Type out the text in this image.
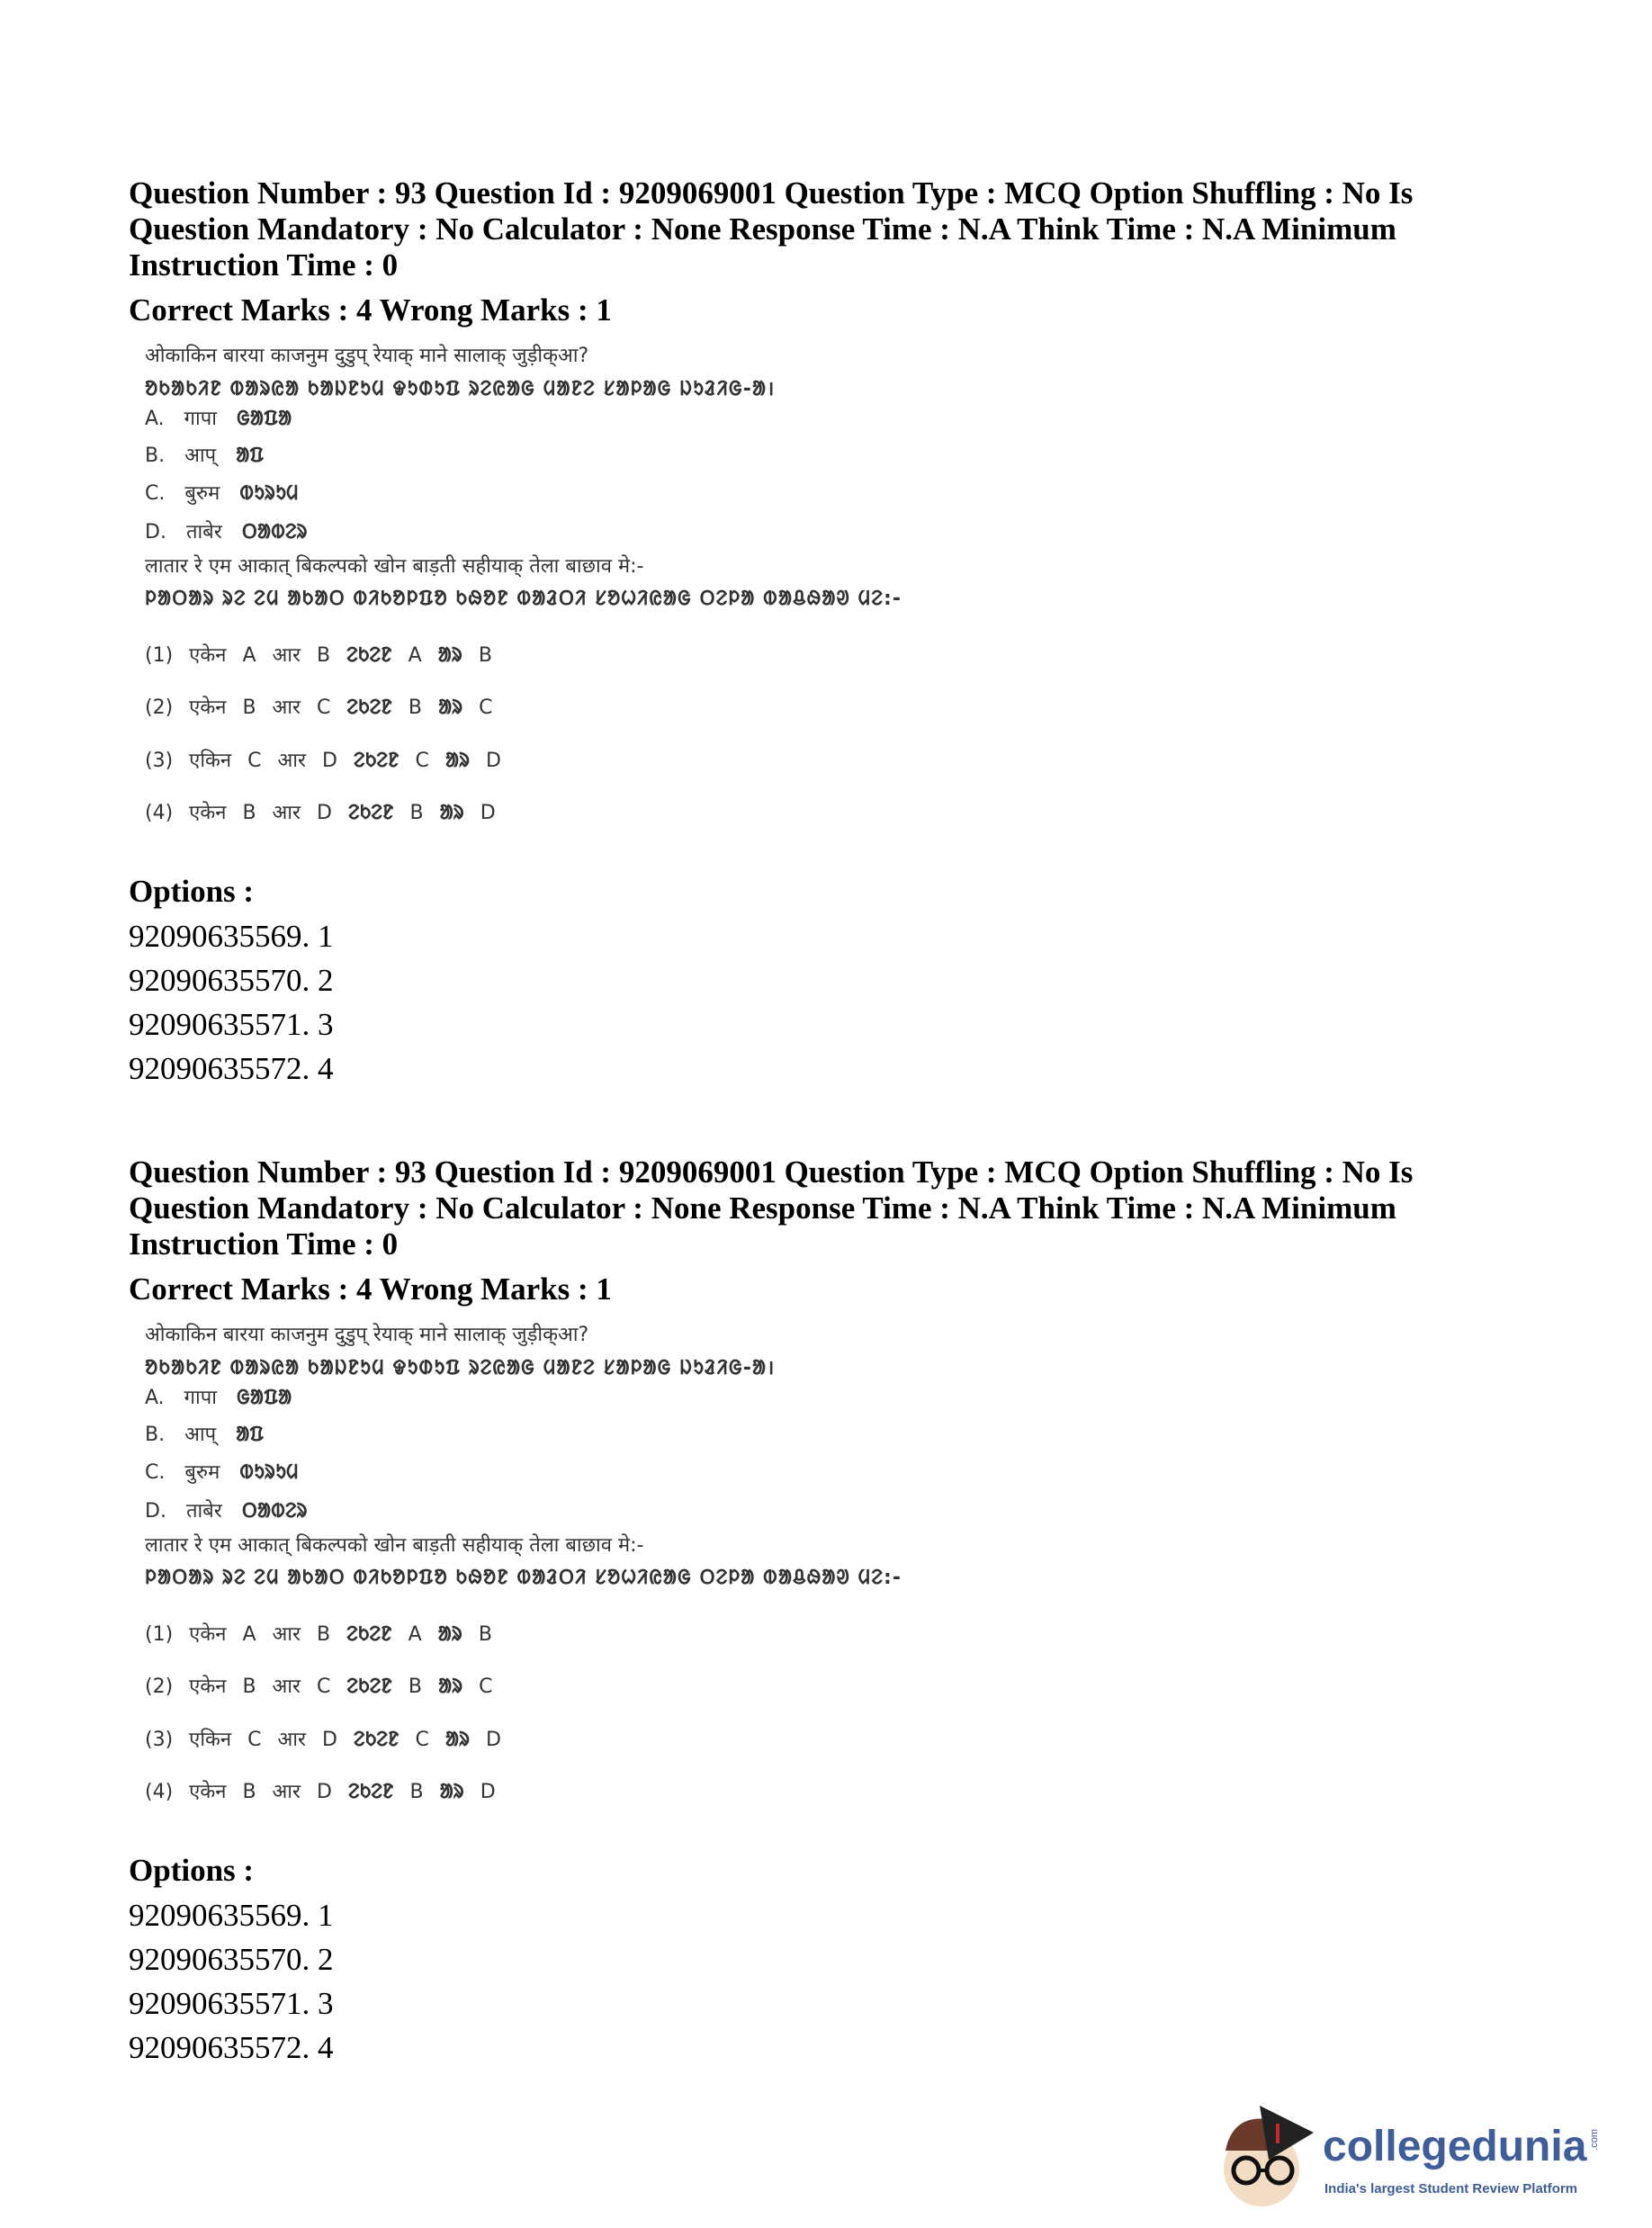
Question Number : 93 Question Id : 9209069001 Question Type : MCQ Option Shuffling : No Is
Question Mandatory : No Calculator : None Response Time : N.A Think Time : N.A Minimum
Instruction Time : 0
Correct Marks : 4 Wrong Marks : 1
ओकाकिन बारया काजनुम दुडुप् रेयाक् माने सालाक् जुड़ीक्आ?
ᱚᱠᱟᱠᱤᱱ ᱵᱟᱨᱭᱟ ᱠᱟᱡᱱᱩᱢ ᱫᱩᱰᱩᱯ ᱨᱮᱭᱟᱜ ᱢᱟᱱᱮ ᱥᱟᱞᱟᱜ ᱡᱩᱲᱤᱜ-ᱟ।
A. गापा ᱜᱟᱯᱟ
B. आप् ᱟᱯ
C. बुरुम ᱵᱩᱨᱩᱢ
D. ताबेर ᱛᱟᱵᱮᱨ
लातार रे एम आकात् बिकल्पको खोन बाड़ती सहीयाक् तेला बाछाव मे:-
ᱞᱟᱛᱟᱨ ᱨᱮ ᱮᱢ ᱟᱠᱟᱛ ᱵᱤᱠᱚᱞᱯᱚ ᱠᱷᱚᱱ ᱵᱟᱲᱛᱤ ᱥᱚᱦᱤᱭᱟᱜ ᱛᱮᱞᱟ ᱵᱟᱪᱷᱟᱣ ᱢᱮ:-
(1) एकेन A आर B ᱮᱠᱮᱱ A ᱟᱨ B
(2) एकेन B आर C ᱮᱠᱮᱱ B ᱟᱨ C
(3) एकिन C आर D ᱮᱠᱮᱱ C ᱟᱨ D
(4) एकेन B आर D ᱮᱠᱮᱱ B ᱟᱨ D
Options :
92090635569. 1
92090635570. 2
92090635571. 3
92090635572. 4
Question Number : 93 Question Id : 9209069001 Question Type : MCQ Option Shuffling : No Is
Question Mandatory : No Calculator : None Response Time : N.A Think Time : N.A Minimum
Instruction Time : 0
Correct Marks : 4 Wrong Marks : 1
ओकाकिन बारया काजनुम दुडुप् रेयाक् माने सालाक् जुड़ीक्आ?
ᱚᱠᱟᱠᱤᱱ ᱵᱟᱨᱭᱟ ᱠᱟᱡᱱᱩᱢ ᱫᱩᱰᱩᱯ ᱨᱮᱭᱟᱜ ᱢᱟᱱᱮ ᱥᱟᱞᱟᱜ ᱡᱩᱲᱤᱜ-ᱟ।
A. गापा ᱜᱟᱯᱟ
B. आप् ᱟᱯ
C. बुरुम ᱵᱩᱨᱩᱢ
D. ताबेर ᱛᱟᱵᱮᱨ
लातार रे एम आकात् बिकल्पको खोन बाड़ती सहीयाक् तेला बाछाव मे:-
ᱞᱟᱛᱟᱨ ᱨᱮ ᱮᱢ ᱟᱠᱟᱛ ᱵᱤᱠᱚᱞᱯᱚ ᱠᱷᱚᱱ ᱵᱟᱲᱛᱤ ᱥᱚᱦᱤᱭᱟᱜ ᱛᱮᱞᱟ ᱵᱟᱪᱷᱟᱣ ᱢᱮ:-
(1) एकेन A आर B ᱮᱠᱮᱱ A ᱟᱨ B
(2) एकेन B आर C ᱮᱠᱮᱱ B ᱟᱨ C
(3) एकिन C आर D ᱮᱠᱮᱱ C ᱟᱨ D
(4) एकेन B आर D ᱮᱠᱮᱱ B ᱟᱨ D
Options :
92090635569. 1
92090635570. 2
92090635571. 3
92090635572. 4
collegedunia .com
India's largest Student Review Platform
